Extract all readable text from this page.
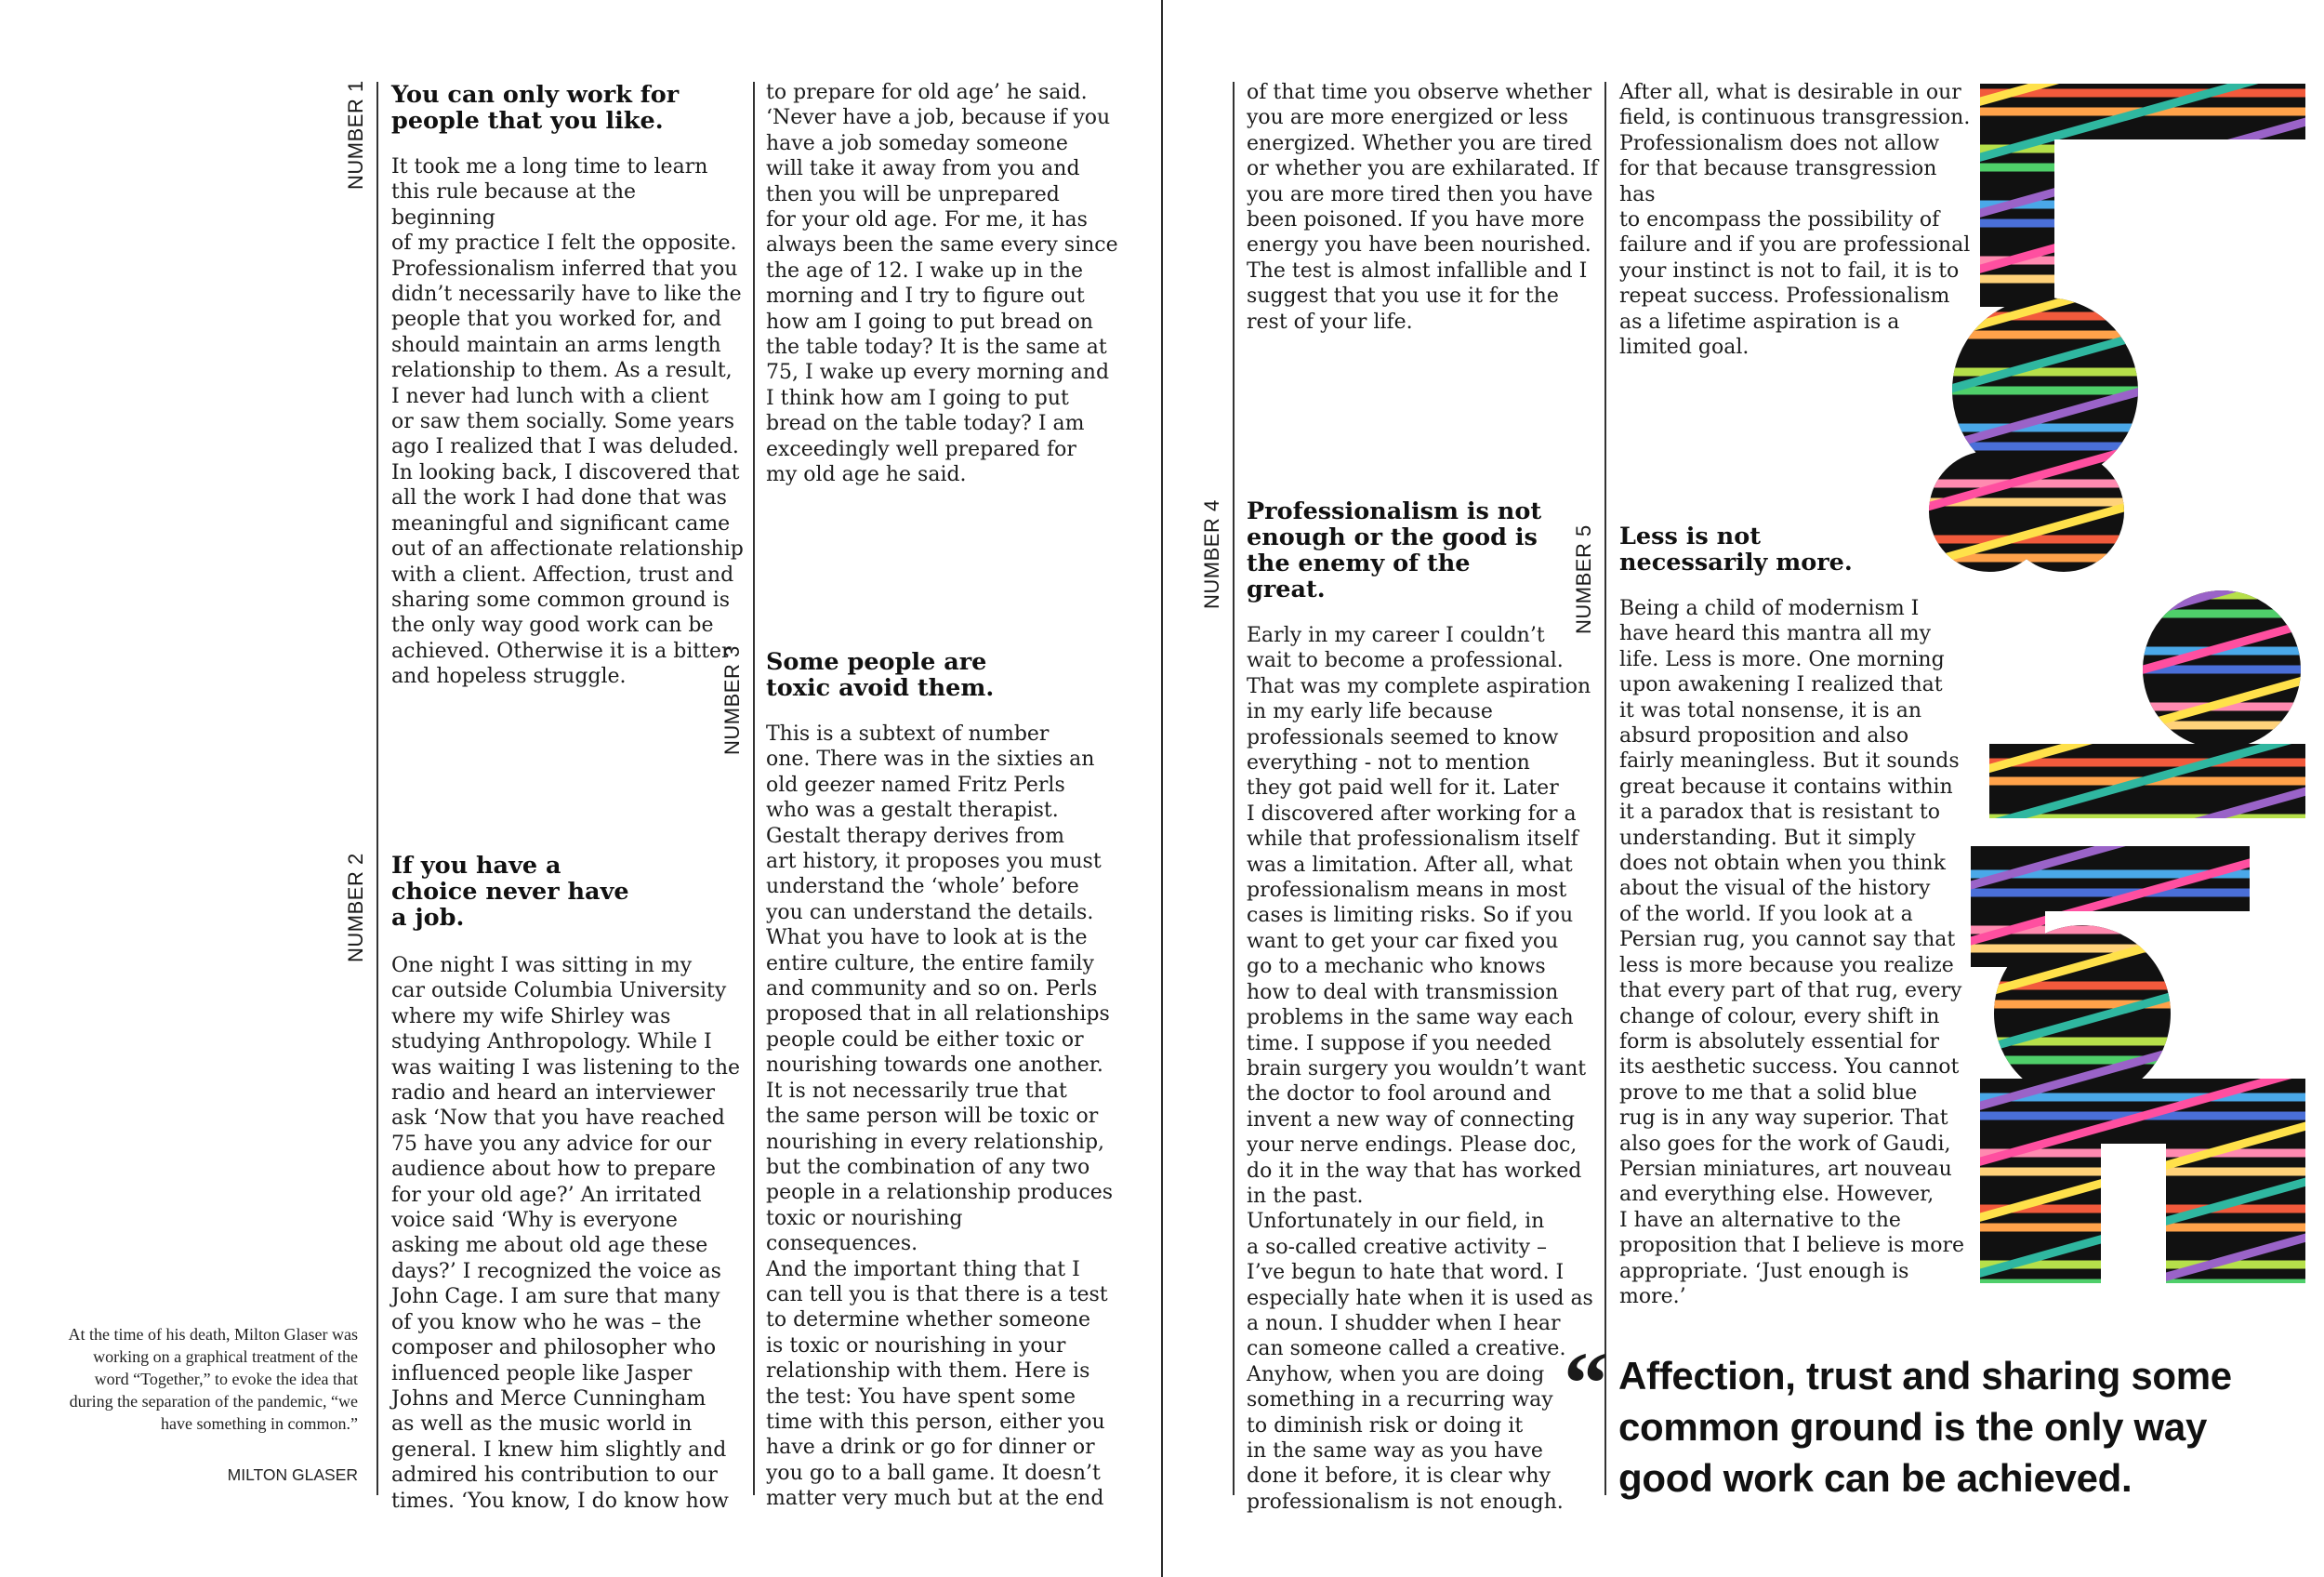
NUMBER 1
NUMBER 2
NUMBER 3
NUMBER 4	NUMBER 5
You can only work for people that you like.

It took me a long time to learn

this rule because at the beginning

of my practice I felt the opposite.

Professionalism inferred that you

didn’t necessarily have to like the

people that you worked for, and

should maintain an arms length

relationship to them. As a result,

I never had lunch with a client

or saw them socially. Some years

ago I realized that I was deluded.

In looking back, I discovered that

all the work I had done that was

meaningful and significant came

out of an affectionate relationship

with a client. Affection, trust and

sharing some common ground is

the only way good work can be

achieved. Otherwise it is a bitter

and hopeless struggle.

If you have a choice never have a job.

One night I was sitting in my

car outside Columbia University

where my wife Shirley was

studying Anthropology. While I

was waiting I was listening to the

radio and heard an interviewer

ask ‘Now that you have reached

75 have you any advice for our

audience about how to prepare

for your old age?’ An irritated

voice said ‘Why is everyone

asking me about old age these

days?’ I recognized the voice as

John Cage. I am sure that many

of you know who he was – the

composer and philosopher who

influenced people like Jasper

Johns and Merce Cunningham

as well as the music world in

general. I knew him slightly and

admired his contribution to our

times. ‘You know, I do know how

to prepare for old age’ he said.

‘Never have a job, because if you

have a job someday someone

will take it away from you and

then you will be unprepared

for your old age. For me, it has

always been the same every since

the age of 12. I wake up in the

morning and I try to figure out

how am I going to put bread on

the table today? It is the same at

75, I wake up every morning and

I think how am I going to put

bread on the table today? I am

exceedingly well prepared for

my old age he said.

Some people are toxic avoid them.

This is a subtext of number

one. There was in the sixties an

old geezer named Fritz Perls

who was a gestalt therapist.

Gestalt therapy derives from

art history, it proposes you must

understand the ‘whole’ before

you can understand the details.

What you have to look at is the

entire culture, the entire family

and community and so on. Perls

proposed that in all relationships

people could be either toxic or

nourishing towards one another.

It is not necessarily true that

the same person will be toxic or

nourishing in every relationship,

but the combination of any two

people in a relationship produces

toxic or nourishing consequences.

And the important thing that I

can tell you is that there is a test

to determine whether someone

is toxic or nourishing in your

relationship with them. Here is

the test: You have spent some

time with this person, either you

have a drink or go for dinner or

you go to a ball game. It doesn’t

matter very much but at the end

At the time of his death, Milton Glaser was working on a graphical treatment of the word “Together,” to evoke the idea that during the separation of the pandemic, “we have something in common.”
MILTON GLASER

of that time you observe whether

you are more energized or less

energized. Whether you are tired

or whether you are exhilarated. If

you are more tired then you have

been poisoned. If you have more

energy you have been nourished.

The test is almost infallible and I

suggest that you use it for the

rest of your life.

Professionalism is not enough or the good is the enemy of the great.

Early in my career I couldn’t

wait to become a professional.

That was my complete aspiration

in my early life because

professionals seemed to know

everything - not to mention

they got paid well for it. Later

I discovered after working for a

while that professionalism itself

was a limitation. After all, what

professionalism means in most

cases is limiting risks. So if you

want to get your car fixed you

go to a mechanic who knows

how to deal with transmission

problems in the same way each

time. I suppose if you needed

brain surgery you wouldn’t want

the doctor to fool around and

invent a new way of connecting

your nerve endings. Please doc,

do it in the way that has worked

in the past.

Unfortunately in our field, in

a so-called creative activity –

I’ve begun to hate that word. I

especially hate when it is used as

a noun. I shudder when I hear

can someone called a creative.

Anyhow, when you are doing

something in a recurring way

to diminish risk or doing it

in the same way as you have

done it before, it is clear why

professionalism is not enough.

After all, what is desirable in our

field, is continuous transgression.

Professionalism does not allow

for that because transgression has

to encompass the possibility of

failure and if you are professional

your instinct is not to fail, it is to

repeat success. Professionalism

as a lifetime aspiration is a

limited goal.

Less is not necessarily more.

Being a child of modernism I

have heard this mantra all my

life. Less is more. One morning

upon awakening I realized that

it was total nonsense, it is an

absurd proposition and also

fairly meaningless. But it sounds

great because it contains within

it a paradox that is resistant to

understanding. But it simply

does not obtain when you think

about the visual of the history

of the world. If you look at a

Persian rug, you cannot say that

less is more because you realize

that every part of that rug, every

change of colour, every shift in

form is absolutely essential for

its aesthetic success. You cannot

prove to me that a solid blue

rug is in any way superior. That

also goes for the work of Gaudi,

Persian miniatures, art nouveau

and everything else. However,

I have an alternative to the

proposition that I believe is more

appropriate. ‘Just enough is more.’

“ Affection, trust and sharing some common ground is the only way good work can be achieved.
